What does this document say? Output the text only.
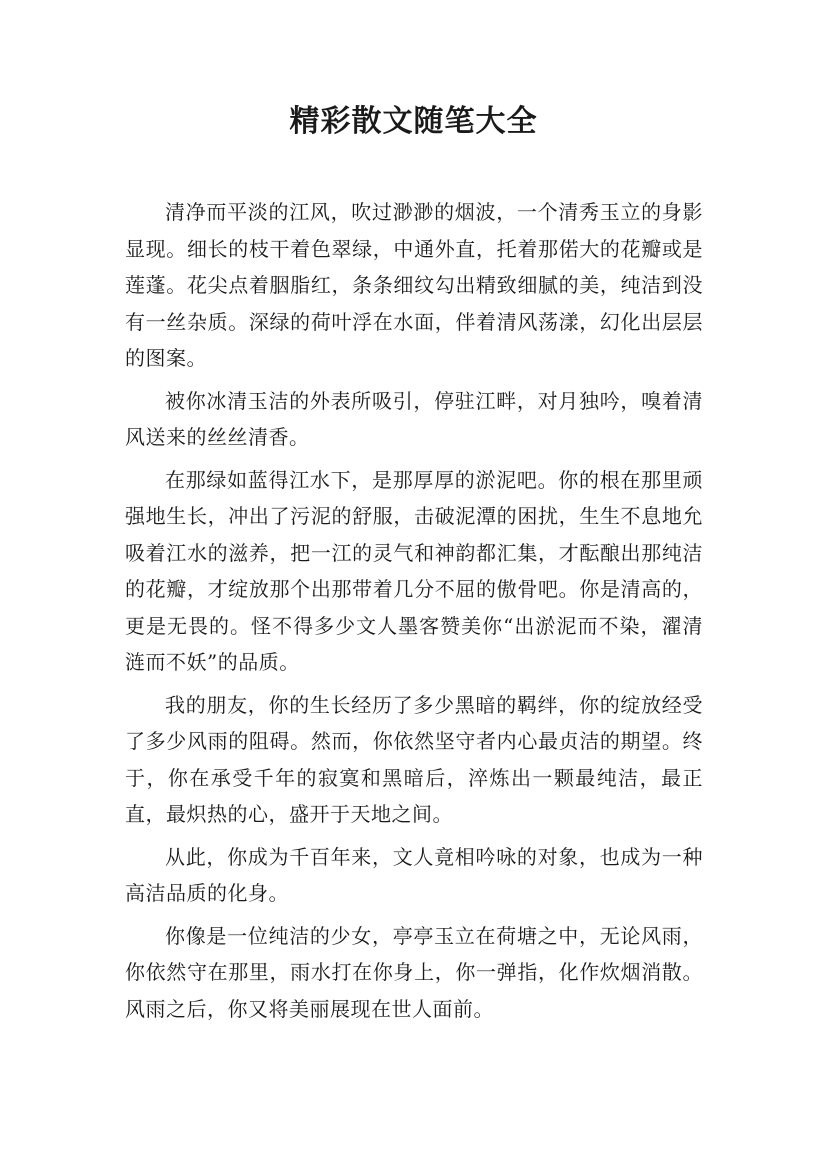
精彩散文随笔大全

清净而平淡的江风，吹过渺渺的烟波，一个清秀玉立的身影显现。细长的枝干着色翠绿，中通外直，托着那偌大的花瓣或是莲蓬。花尖点着胭脂红，条条细纹勾出精致细腻的美，纯洁到没有一丝杂质。深绿的荷叶浮在水面，伴着清风荡漾，幻化出层层的图案。

被你冰清玉洁的外表所吸引，停驻江畔，对月独吟，嗅着清风送来的丝丝清香。

在那绿如蓝得江水下，是那厚厚的淤泥吧。你的根在那里顽强地生长，冲出了污泥的舒服，击破泥潭的困扰，生生不息地允吸着江水的滋养，把一江的灵气和神韵都汇集，才酝酿出那纯洁的花瓣，才绽放那个出那带着几分不屈的傲骨吧。你是清高的，更是无畏的。怪不得多少文人墨客赞美你“出淤泥而不染，濯清涟而不妖”的品质。

我的朋友，你的生长经历了多少黑暗的羁绊，你的绽放经受了多少风雨的阻碍。然而，你依然坚守者内心最贞洁的期望。终于，你在承受千年的寂寞和黑暗后，淬炼出一颗最纯洁，最正直，最炽热的心，盛开于天地之间。

从此，你成为千百年来，文人竟相吟咏的对象，也成为一种高洁品质的化身。

你像是一位纯洁的少女，亭亭玉立在荷塘之中，无论风雨，你依然守在那里，雨水打在你身上，你一弹指，化作炊烟消散。风雨之后，你又将美丽展现在世人面前。
